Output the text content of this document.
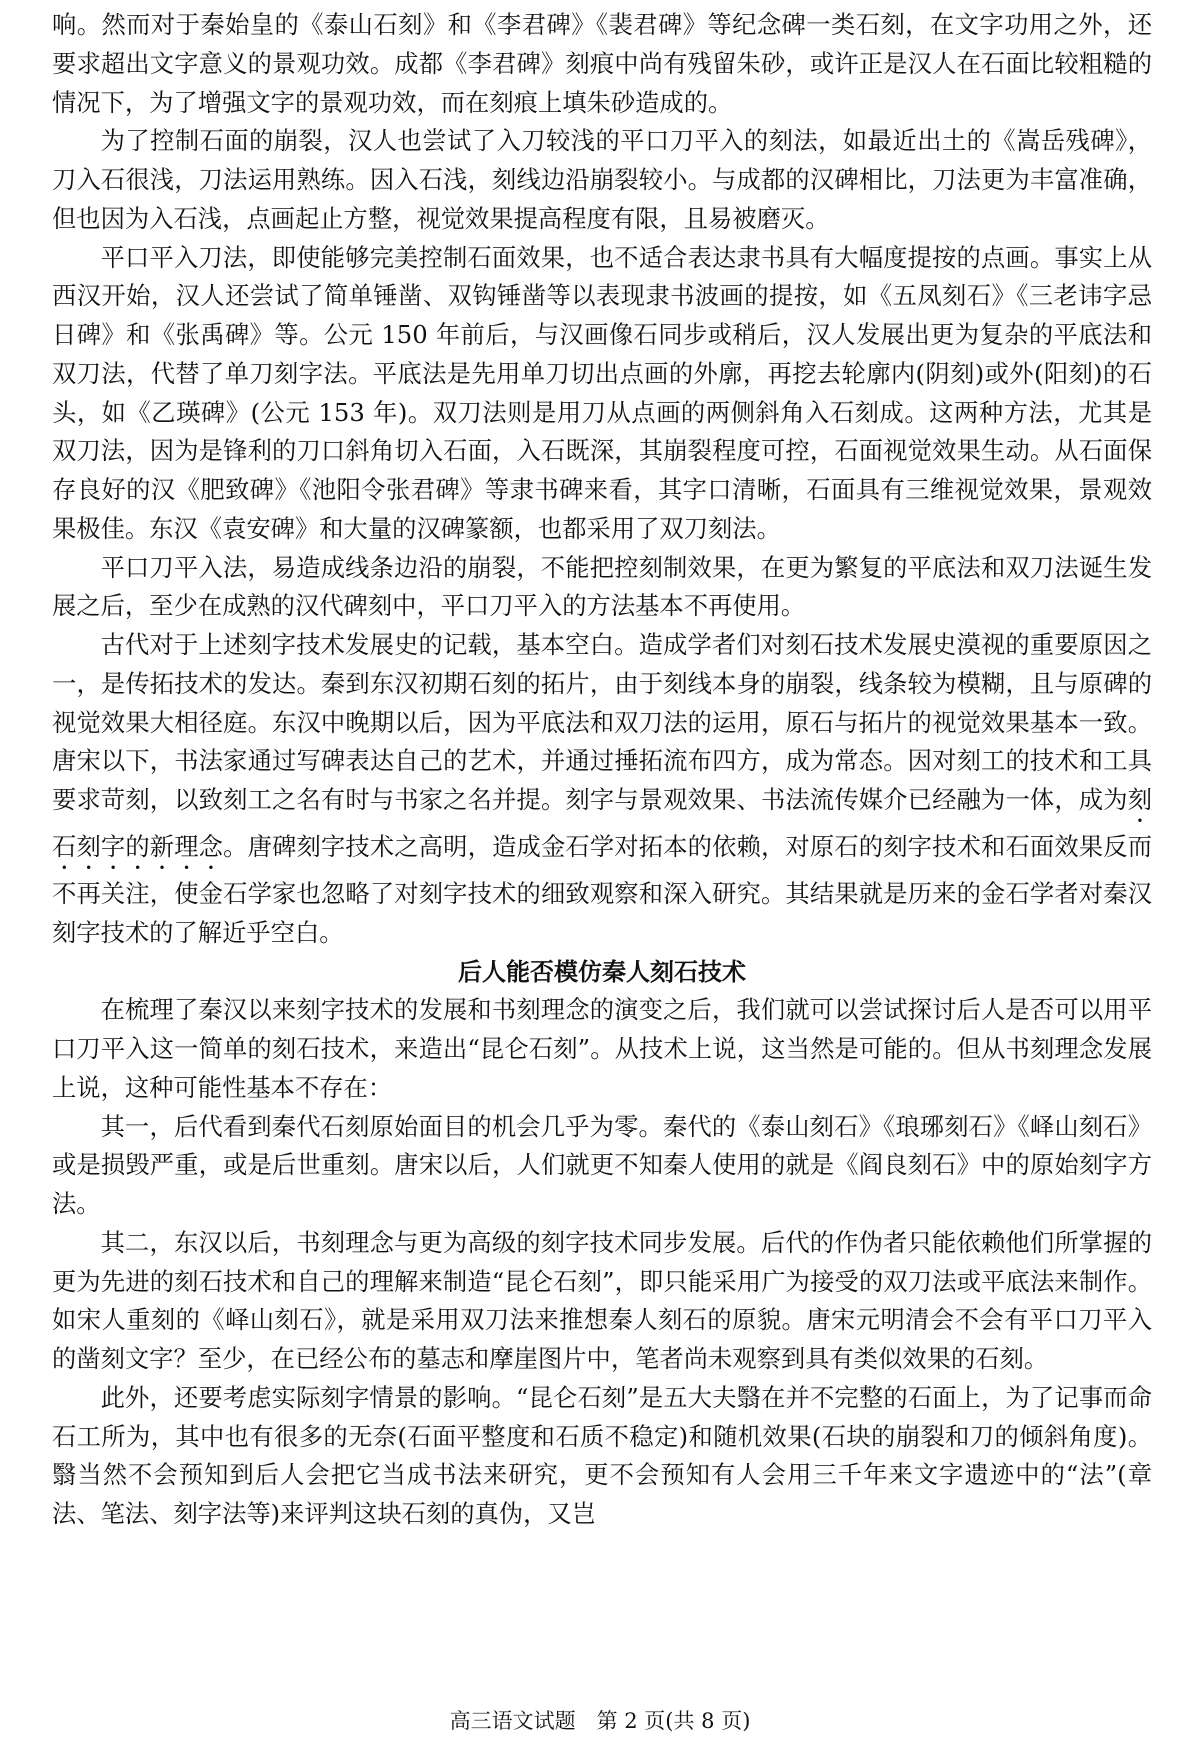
响。然而对于秦始皇的《泰山石刻》和《李君碑》《裴君碑》等纪念碑一类石刻，在文字功用之外，还要求超出文字意义的景观功效。成都《李君碑》刻痕中尚有残留朱砂，或许正是汉人在石面比较粗糙的情况下，为了增强文字的景观功效，而在刻痕上填朱砂造成的。

为了控制石面的崩裂，汉人也尝试了入刀较浅的平口刀平入的刻法，如最近出土的《嵩岳残碑》，刀入石很浅，刀法运用熟练。因入石浅，刻线边沿崩裂较小。与成都的汉碑相比，刀法更为丰富准确，但也因为入石浅，点画起止方整，视觉效果提高程度有限，且易被磨灭。

平口平入刀法，即使能够完美控制石面效果，也不适合表达隶书具有大幅度提按的点画。事实上从西汉开始，汉人还尝试了简单锤凿、双钩锤凿等以表现隶书波画的提按，如《五凤刻石》《三老讳字忌日碑》和《张禹碑》等。公元 150 年前后，与汉画像石同步或稍后，汉人发展出更为复杂的平底法和双刀法，代替了单刀刻字法。平底法是先用单刀切出点画的外廓，再挖去轮廓内(阴刻)或外(阳刻)的石头，如《乙瑛碑》(公元 153 年)。双刀法则是用刀从点画的两侧斜角入石刻成。这两种方法，尤其是双刀法，因为是锋利的刀口斜角切入石面，入石既深，其崩裂程度可控，石面视觉效果生动。从石面保存良好的汉《肥致碑》《池阳令张君碑》等隶书碑来看，其字口清晰，石面具有三维视觉效果，景观效果极佳。东汉《袁安碑》和大量的汉碑篆额，也都采用了双刀刻法。

平口刀平入法，易造成线条边沿的崩裂，不能把控刻制效果，在更为繁复的平底法和双刀法诞生发展之后，至少在成熟的汉代碑刻中，平口刀平入的方法基本不再使用。

古代对于上述刻字技术发展史的记载，基本空白。造成学者们对刻石技术发展史漠视的重要原因之一，是传拓技术的发达。秦到东汉初期石刻的拓片，由于刻线本身的崩裂，线条较为模糊，且与原碑的视觉效果大相径庭。东汉中晚期以后，因为平底法和双刀法的运用，原石与拓片的视觉效果基本一致。唐宋以下，书法家通过写碑表达自己的艺术，并通过捶拓流布四方，成为常态。因对刻工的技术和工具要求苛刻，以致刻工之名有时与书家之名并提。刻字与景观效果、书法流传媒介已经融为一体，成为刻石刻字的新理念。唐碑刻字技术之高明，造成金石学对拓本的依赖，对原石的刻字技术和石面效果反而不再关注，使金石学家也忽略了对刻字技术的细致观察和深入研究。其结果就是历来的金石学者对秦汉刻字技术的了解近乎空白。

后人能否模仿秦人刻石技术

在梳理了秦汉以来刻字技术的发展和书刻理念的演变之后，我们就可以尝试探讨后人是否可以用平口刀平入这一简单的刻石技术，来造出“昆仑石刻”。从技术上说，这当然是可能的。但从书刻理念发展上说，这种可能性基本不存在：

其一，后代看到秦代石刻原始面目的机会几乎为零。秦代的《泰山刻石》《琅琊刻石》《峄山刻石》或是损毁严重，或是后世重刻。唐宋以后，人们就更不知秦人使用的就是《阎良刻石》中的原始刻字方法。

其二，东汉以后，书刻理念与更为高级的刻字技术同步发展。后代的作伪者只能依赖他们所掌握的更为先进的刻石技术和自己的理解来制造“昆仑石刻”，即只能采用广为接受的双刀法或平底法来制作。如宋人重刻的《峄山刻石》，就是采用双刀法来推想秦人刻石的原貌。唐宋元明清会不会有平口刀平入的凿刻文字？至少，在已经公布的墓志和摩崖图片中，笔者尚未观察到具有类似效果的石刻。

此外，还要考虑实际刻字情景的影响。“昆仑石刻”是五大夫翳在并不完整的石面上，为了记事而命石工所为，其中也有很多的无奈(石面平整度和石质不稳定)和随机效果(石块的崩裂和刀的倾斜角度)。翳当然不会预知到后人会把它当成书法来研究，更不会预知有人会用三千年来文字遗迹中的“法”(章法、笔法、刻字法等)来评判这块石刻的真伪，又岂

高三语文试题　第 2 页(共 8 页)
